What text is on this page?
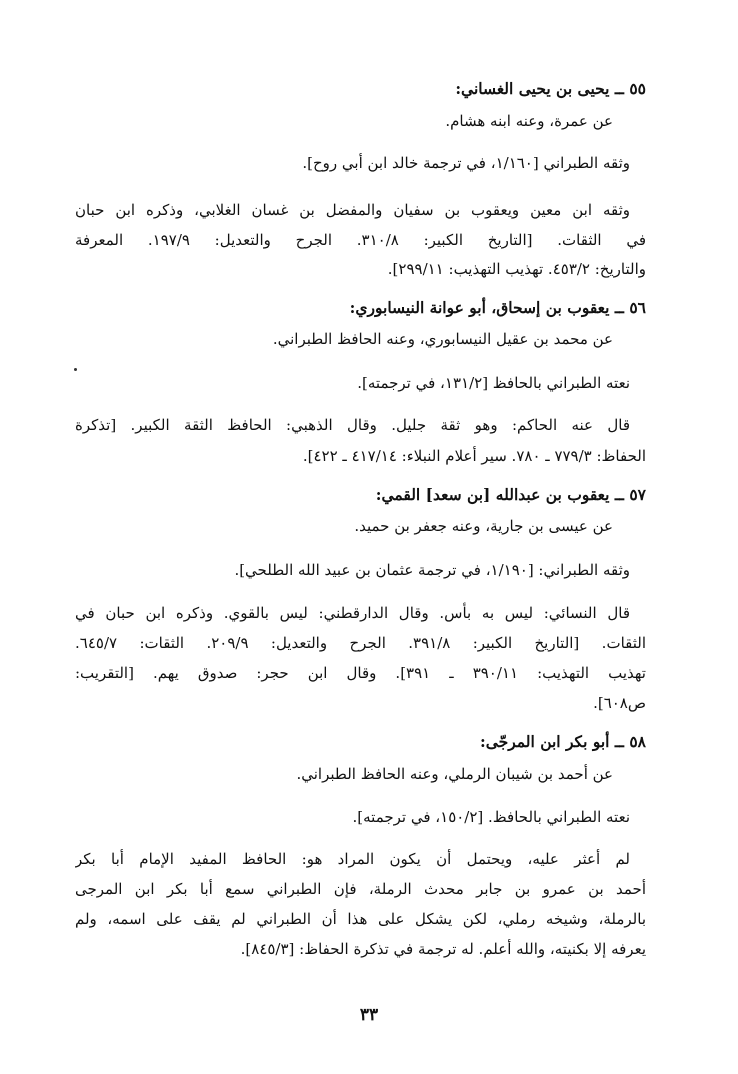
٥٥ ــ يحيى بن يحيى الغساني:
عن عمرة، وعنه ابنه هشام.
وثقه الطبراني [١/١٦٠، في ترجمة خالد ابن أبي روح].
وثقه ابن معين ويعقوب بن سفيان والمفضل بن غسان الغلابي، وذكره ابن حبان
في الثقات. [التاريخ الكبير: ٣١٠/٨. الجرح والتعديل: ١٩٧/٩. المعرفة
والتاريخ: ٤٥٣/٢. تهذيب التهذيب: ٢٩٩/١١].
٥٦ ــ يعقوب بن إسحاق، أبو عوانة النيسابوري:
عن محمد بن عقيل النيسابوري، وعنه الحافظ الطبراني.
نعته الطبراني بالحافظ [١٣١/٢، في ترجمته].
قال عنه الحاكم: وهو ثقة جليل. وقال الذهبي: الحافظ الثقة الكبير. [تذكرة
الحفاظ: ٧٧٩/٣ ـ ٧٨٠. سير أعلام النبلاء: ٤١٧/١٤ ـ ٤٢٢].
٥٧ ــ يعقوب بن عبدالله [بن سعد] القمي:
عن عيسى بن جارية، وعنه جعفر بن حميد.
وثقه الطبراني: [١/١٩٠، في ترجمة عثمان بن عبيد الله الطلحي].
قال النسائي: ليس به بأس. وقال الدارقطني: ليس بالقوي. وذكره ابن حبان في
الثقات. [التاريخ الكبير: ٣٩١/٨. الجرح والتعديل: ٢٠٩/٩. الثقات: ٦٤٥/٧.
تهذيب التهذيب: ٣٩٠/١١ ـ ٣٩١]. وقال ابن حجر: صدوق يهم. [التقريب:
ص٦٠٨].
٥٨ ــ أبو بكر ابن المرجّى:
عن أحمد بن شيبان الرملي، وعنه الحافظ الطبراني.
نعته الطبراني بالحافظ. [١٥٠/٢، في ترجمته].
لم أعثر عليه، ويحتمل أن يكون المراد هو: الحافظ المفيد الإمام أبا بكر
أحمد بن عمرو بن جابر محدث الرملة، فإن الطبراني سمع أبا بكر ابن المرجى
بالرملة، وشيخه رملي، لكن يشكل على هذا أن الطبراني لم يقف على اسمه، ولم
يعرفه إلا بكنيته، والله أعلم. له ترجمة في تذكرة الحفاظ: [٨٤٥/٣].
٣٣
